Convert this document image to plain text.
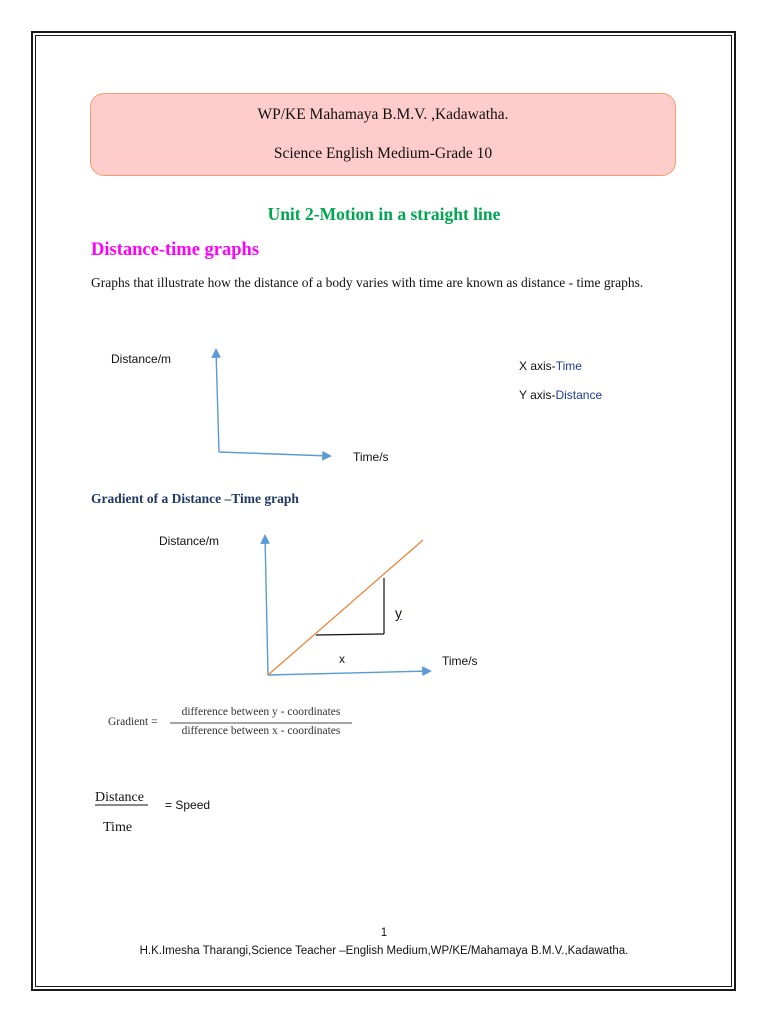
WP/KE Mahamaya B.M.V. ,Kadawatha.
Science English Medium-Grade 10
Unit 2-Motion in a straight line
Distance-time graphs
Graphs that illustrate how the distance of a body varies with time are known as distance - time graphs.
Distance/m
Time/s
X axis-Time
Y axis-Distance
Gradient of a Distance –Time graph
Distance/m
Time/s
y
x
Gradient =
difference between y - coordinates
difference between x - coordinates
Distance
Time
= Speed
1
H.K.Imesha Tharangi,Science Teacher –English Medium,WP/KE/Mahamaya B.M.V.,Kadawatha.
